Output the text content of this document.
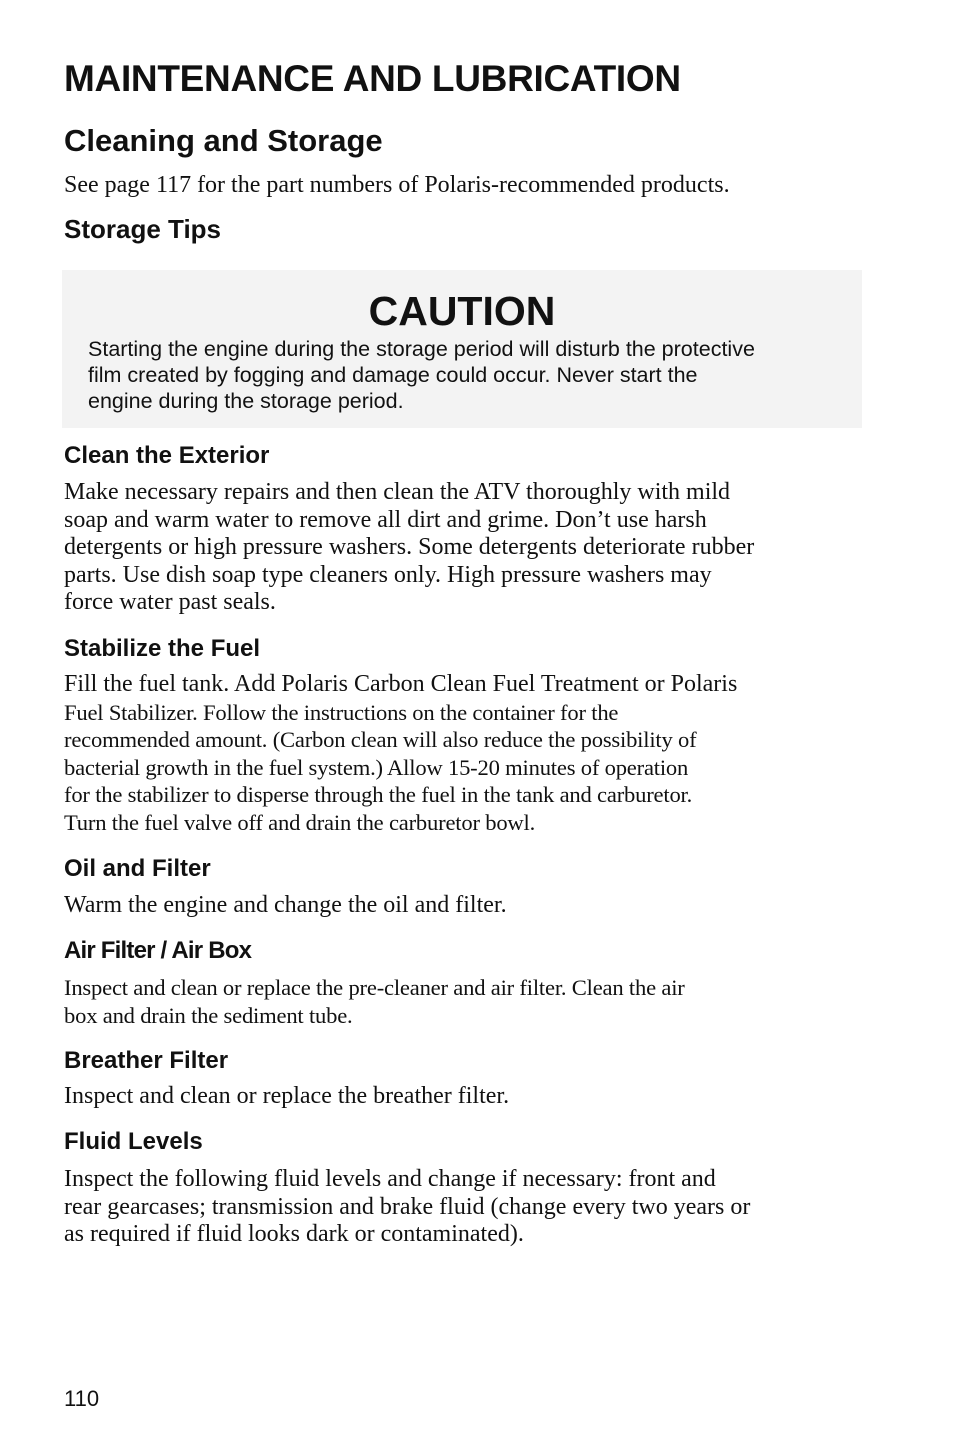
MAINTENANCE AND LUBRICATION
Cleaning and Storage

See page 117 for the part numbers of Polaris-recommended products.

Storage Tips
CAUTION

Starting the engine during the storage period will disturb the protective
film created by fogging and damage could occur. Never start the
engine during the storage period.

Clean the Exterior

Make necessary repairs and then clean the ATV thoroughly with mild
soap and warm water to remove all dirt and grime. Don’t use harsh
detergents or high pressure washers. Some detergents deteriorate rubber
parts. Use dish soap type cleaners only. High pressure washers may
force water past seals.

Stabilize the Fuel

Fill the fuel tank. Add Polaris Carbon Clean Fuel Treatment or Polaris
Fuel Stabilizer. Follow the instructions on the container for the
recommended amount. (Carbon clean will also reduce the possibility of
bacterial growth in the fuel system.) Allow 15-20 minutes of operation
for the stabilizer to disperse through the fuel in the tank and carburetor.
Turn the fuel valve off and drain the carburetor bowl.

Oil and Filter

Warm the engine and change the oil and filter.

Air Filter / Air Box

Inspect and clean or replace the pre-cleaner and air filter. Clean the air
box and drain the sediment tube.

Breather Filter

Inspect and clean or replace the breather filter.

Fluid Levels

Inspect the following fluid levels and change if necessary: front and
rear gearcases; transmission and brake fluid (change every two years or
as required if fluid looks dark or contaminated).

110
